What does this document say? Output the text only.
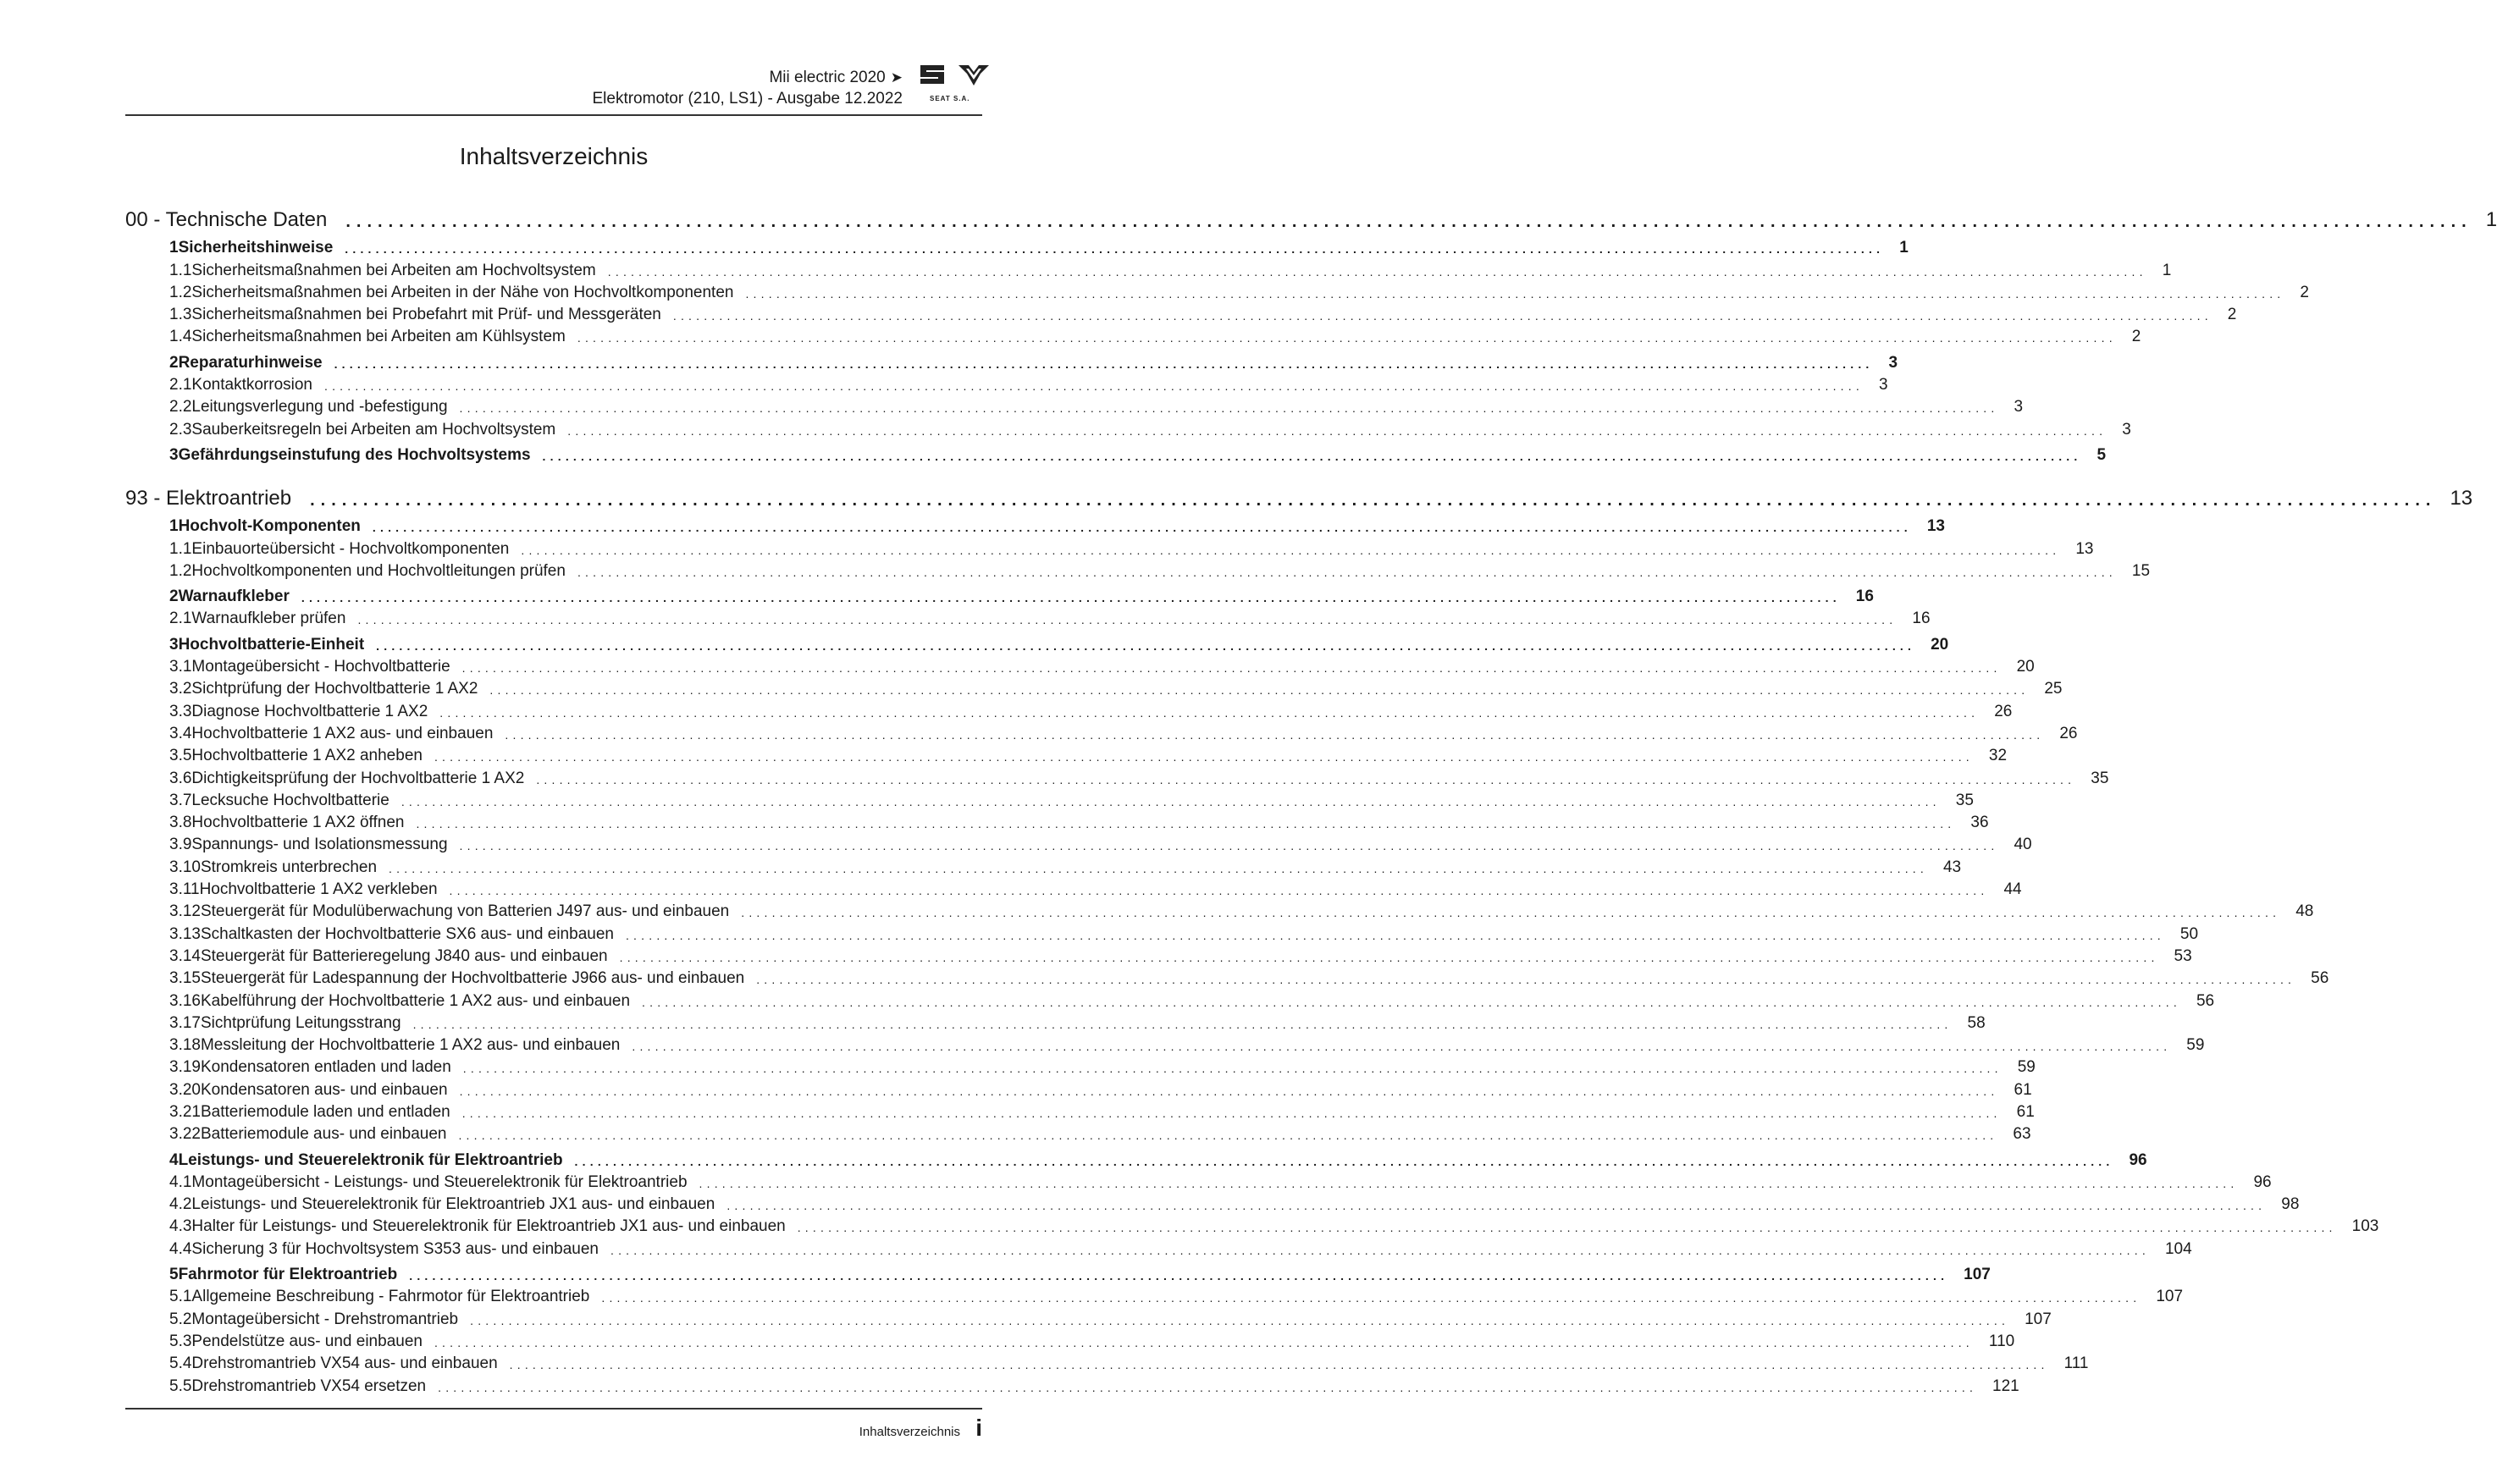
Mii electric 2020 ➤
Elektromotor (210, LS1) - Ausgabe 12.2022	SEAT S.A.
Inhaltsverzeichnis
00 - Technische Daten ........................................................................................................................................................................................................ 1
1 Sicherheitshinweise ........................................................................................................................................................................................................ 1
1.1 Sicherheitsmaßnahmen bei Arbeiten am Hochvoltsystem ........................................................................................................................................................................................................ 1
1.2 Sicherheitsmaßnahmen bei Arbeiten in der Nähe von Hochvoltkomponenten ........................................................................................................................................................................................................ 2
1.3 Sicherheitsmaßnahmen bei Probefahrt mit Prüf- und Messgeräten ........................................................................................................................................................................................................ 2
1.4 Sicherheitsmaßnahmen bei Arbeiten am Kühlsystem ........................................................................................................................................................................................................ 2
2 Reparaturhinweise ........................................................................................................................................................................................................ 3
2.1 Kontaktkorrosion ........................................................................................................................................................................................................ 3
2.2 Leitungsverlegung und -befestigung ........................................................................................................................................................................................................ 3
2.3 Sauberkeitsregeln bei Arbeiten am Hochvoltsystem ........................................................................................................................................................................................................ 3
3 Gefährdungseinstufung des Hochvoltsystems ........................................................................................................................................................................................................ 5
93 - Elektroantrieb ........................................................................................................................................................................................................ 13
1 Hochvolt-Komponenten ........................................................................................................................................................................................................ 13
1.1 Einbauorteübersicht - Hochvoltkomponenten ........................................................................................................................................................................................................ 13
1.2 Hochvoltkomponenten und Hochvoltleitungen prüfen ........................................................................................................................................................................................................ 15
2 Warnaufkleber ........................................................................................................................................................................................................ 16
2.1 Warnaufkleber prüfen ........................................................................................................................................................................................................ 16
3 Hochvoltbatterie-Einheit ........................................................................................................................................................................................................ 20
3.1 Montageübersicht - Hochvoltbatterie ........................................................................................................................................................................................................ 20
3.2 Sichtprüfung der Hochvoltbatterie 1 AX2 ........................................................................................................................................................................................................ 25
3.3 Diagnose Hochvoltbatterie 1 AX2 ........................................................................................................................................................................................................ 26
3.4 Hochvoltbatterie 1 AX2 aus- und einbauen ........................................................................................................................................................................................................ 26
3.5 Hochvoltbatterie 1 AX2 anheben ........................................................................................................................................................................................................ 32
3.6 Dichtigkeitsprüfung der Hochvoltbatterie 1 AX2 ........................................................................................................................................................................................................ 35
3.7 Lecksuche Hochvoltbatterie ........................................................................................................................................................................................................ 35
3.8 Hochvoltbatterie 1 AX2 öffnen ........................................................................................................................................................................................................ 36
3.9 Spannungs- und Isolationsmessung ........................................................................................................................................................................................................ 40
3.10 Stromkreis unterbrechen ........................................................................................................................................................................................................ 43
3.11 Hochvoltbatterie 1 AX2 verkleben ........................................................................................................................................................................................................ 44
3.12 Steuergerät für Modulüberwachung von Batterien J497 aus- und einbauen ........................................................................................................................................................................................................ 48
3.13 Schaltkasten der Hochvoltbatterie SX6 aus- und einbauen ........................................................................................................................................................................................................ 50
3.14 Steuergerät für Batterieregelung J840 aus- und einbauen ........................................................................................................................................................................................................ 53
3.15 Steuergerät für Ladespannung der Hochvoltbatterie J966 aus- und einbauen ........................................................................................................................................................................................................ 56
3.16 Kabelführung der Hochvoltbatterie 1 AX2 aus- und einbauen ........................................................................................................................................................................................................ 56
3.17 Sichtprüfung Leitungsstrang ........................................................................................................................................................................................................ 58
3.18 Messleitung der Hochvoltbatterie 1 AX2 aus- und einbauen ........................................................................................................................................................................................................ 59
3.19 Kondensatoren entladen und laden ........................................................................................................................................................................................................ 59
3.20 Kondensatoren aus- und einbauen ........................................................................................................................................................................................................ 61
3.21 Batteriemodule laden und entladen ........................................................................................................................................................................................................ 61
3.22 Batteriemodule aus- und einbauen ........................................................................................................................................................................................................ 63
4 Leistungs- und Steuerelektronik für Elektroantrieb ........................................................................................................................................................................................................ 96
4.1 Montageübersicht - Leistungs- und Steuerelektronik für Elektroantrieb ........................................................................................................................................................................................................ 96
4.2 Leistungs- und Steuerelektronik für Elektroantrieb JX1 aus- und einbauen ........................................................................................................................................................................................................ 98
4.3 Halter für Leistungs- und Steuerelektronik für Elektroantrieb JX1 aus- und einbauen ........................................................................................................................................................................................................ 103
4.4 Sicherung 3 für Hochvoltsystem S353 aus- und einbauen ........................................................................................................................................................................................................ 104
5 Fahrmotor für Elektroantrieb ........................................................................................................................................................................................................ 107
5.1 Allgemeine Beschreibung - Fahrmotor für Elektroantrieb ........................................................................................................................................................................................................ 107
5.2 Montageübersicht - Drehstromantrieb ........................................................................................................................................................................................................ 107
5.3 Pendelstütze aus- und einbauen ........................................................................................................................................................................................................ 110
5.4 Drehstromantrieb VX54 aus- und einbauen ........................................................................................................................................................................................................ 111
5.5 Drehstromantrieb VX54 ersetzen ........................................................................................................................................................................................................ 121
Inhaltsverzeichnis i
